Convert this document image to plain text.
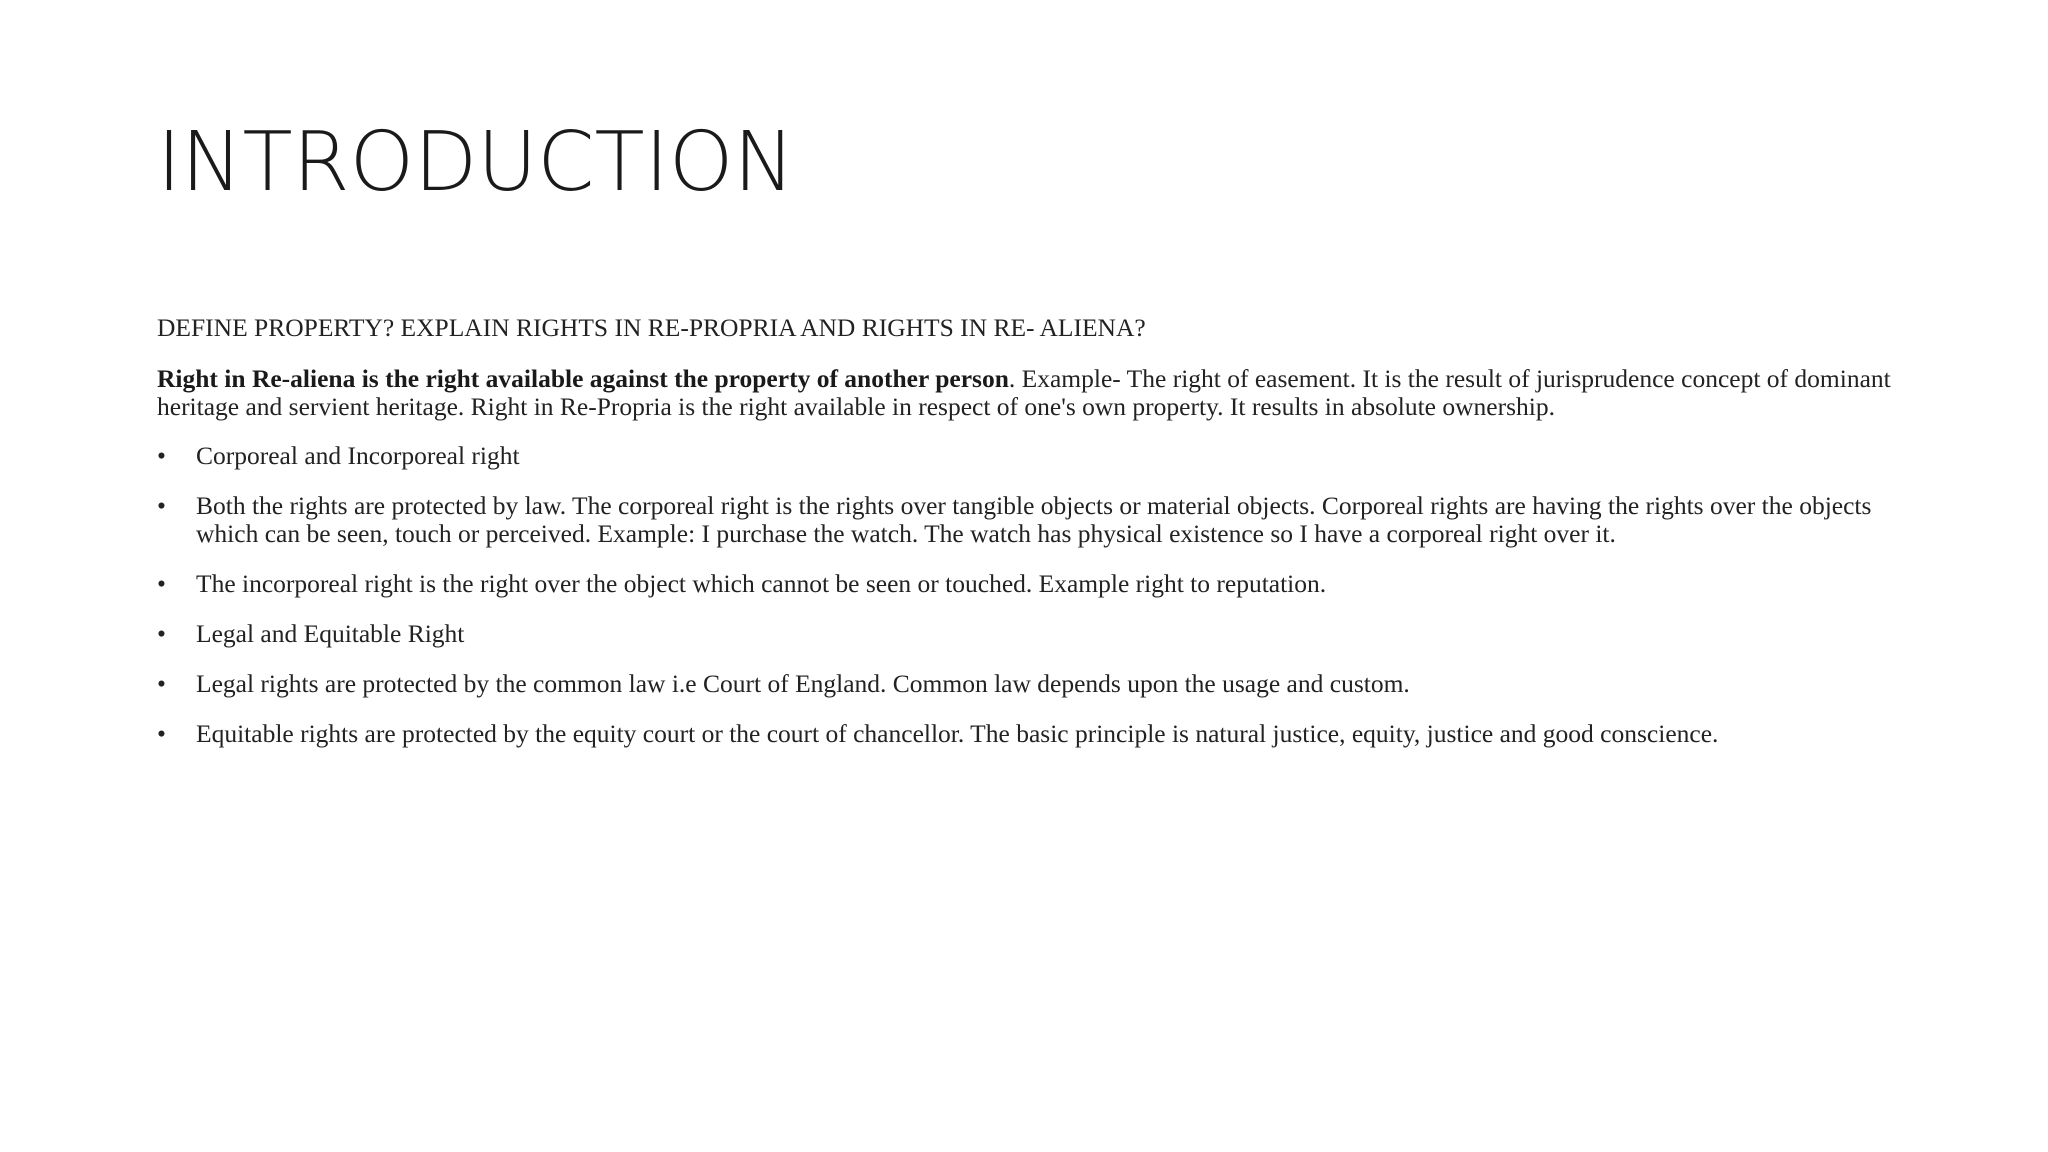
INTRODUCTION

DEFINE PROPERTY? EXPLAIN RIGHTS IN RE-PROPRIA AND RIGHTS IN RE- ALIENA?

Right in Re-aliena is the right available against the property of another person. Example- The right of easement. It is the result of jurisprudence concept of dominant heritage and servient heritage. Right in Re-Propria is the right available in respect of one's own property. It results in absolute ownership.

•	Corporeal and Incorporeal right
•	Both the rights are protected by law. The corporeal right is the rights over tangible objects or material objects. Corporeal rights are having the rights over the objects which can be seen, touch or perceived. Example: I purchase the watch. The watch has physical existence so I have a corporeal right over it.
•	The incorporeal right is the right over the object which cannot be seen or touched. Example right to reputation.
•	Legal and Equitable Right
•	Legal rights are protected by the common law i.e Court of England. Common law depends upon the usage and custom.
•	Equitable rights are protected by the equity court or the court of chancellor. The basic principle is natural justice, equity, justice and good conscience.
